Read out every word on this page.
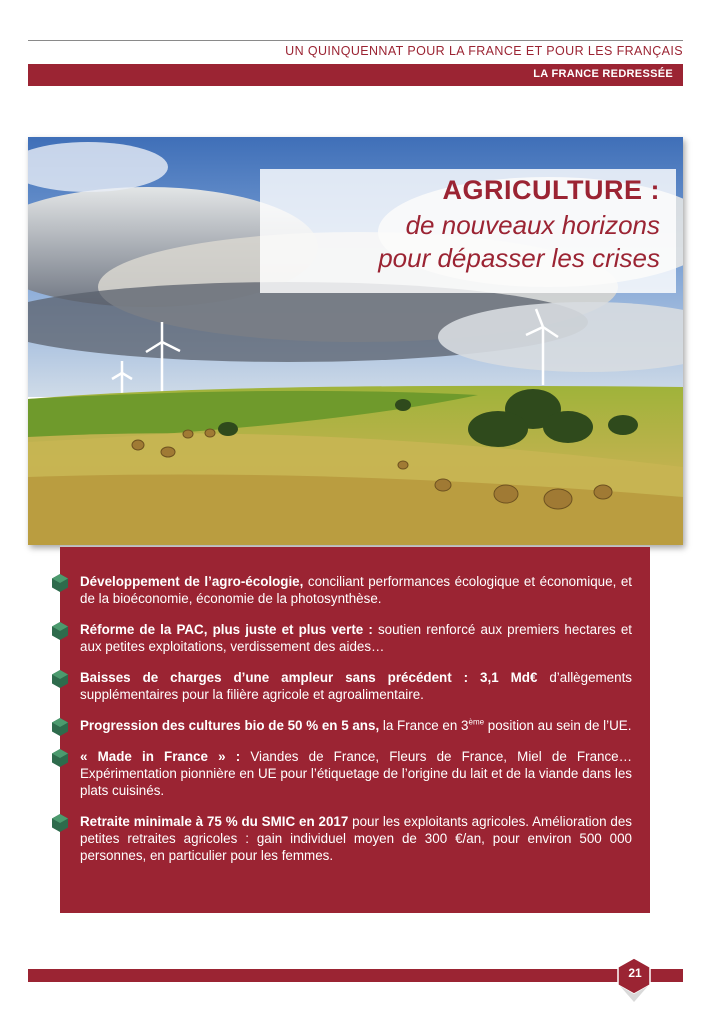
UN QUINQUENNAT POUR LA FRANCE ET POUR LES FRANÇAIS
LA FRANCE REDRESSÉE
AGRICULTURE :
de nouveaux horizons
pour dépasser les crises
Développement de l’agro-écologie, conciliant performances écologique et économique, et de la bioéconomie, économie de la photosynthèse.
Réforme de la PAC, plus juste et plus verte : soutien renforcé aux premiers hectares et aux petites exploitations, verdissement des aides…
Baisses de charges d’une ampleur sans précédent : 3,1 Md€ d’allègements supplémentaires pour la filière agricole et agroalimentaire.
Progression des cultures bio de 50 % en 5 ans, la France en 3ème position au sein de l’UE.
« Made in France » : Viandes de France, Fleurs de France, Miel de France… Expérimentation pionnière en UE pour l’étiquetage de l’origine du lait et de la viande dans les plats cuisinés.
Retraite minimale à 75 % du SMIC en 2017 pour les exploitants agricoles. Amélioration des petites retraites agricoles : gain individuel moyen de 300 €/an, pour environ 500 000 personnes, en particulier pour les femmes.
21
